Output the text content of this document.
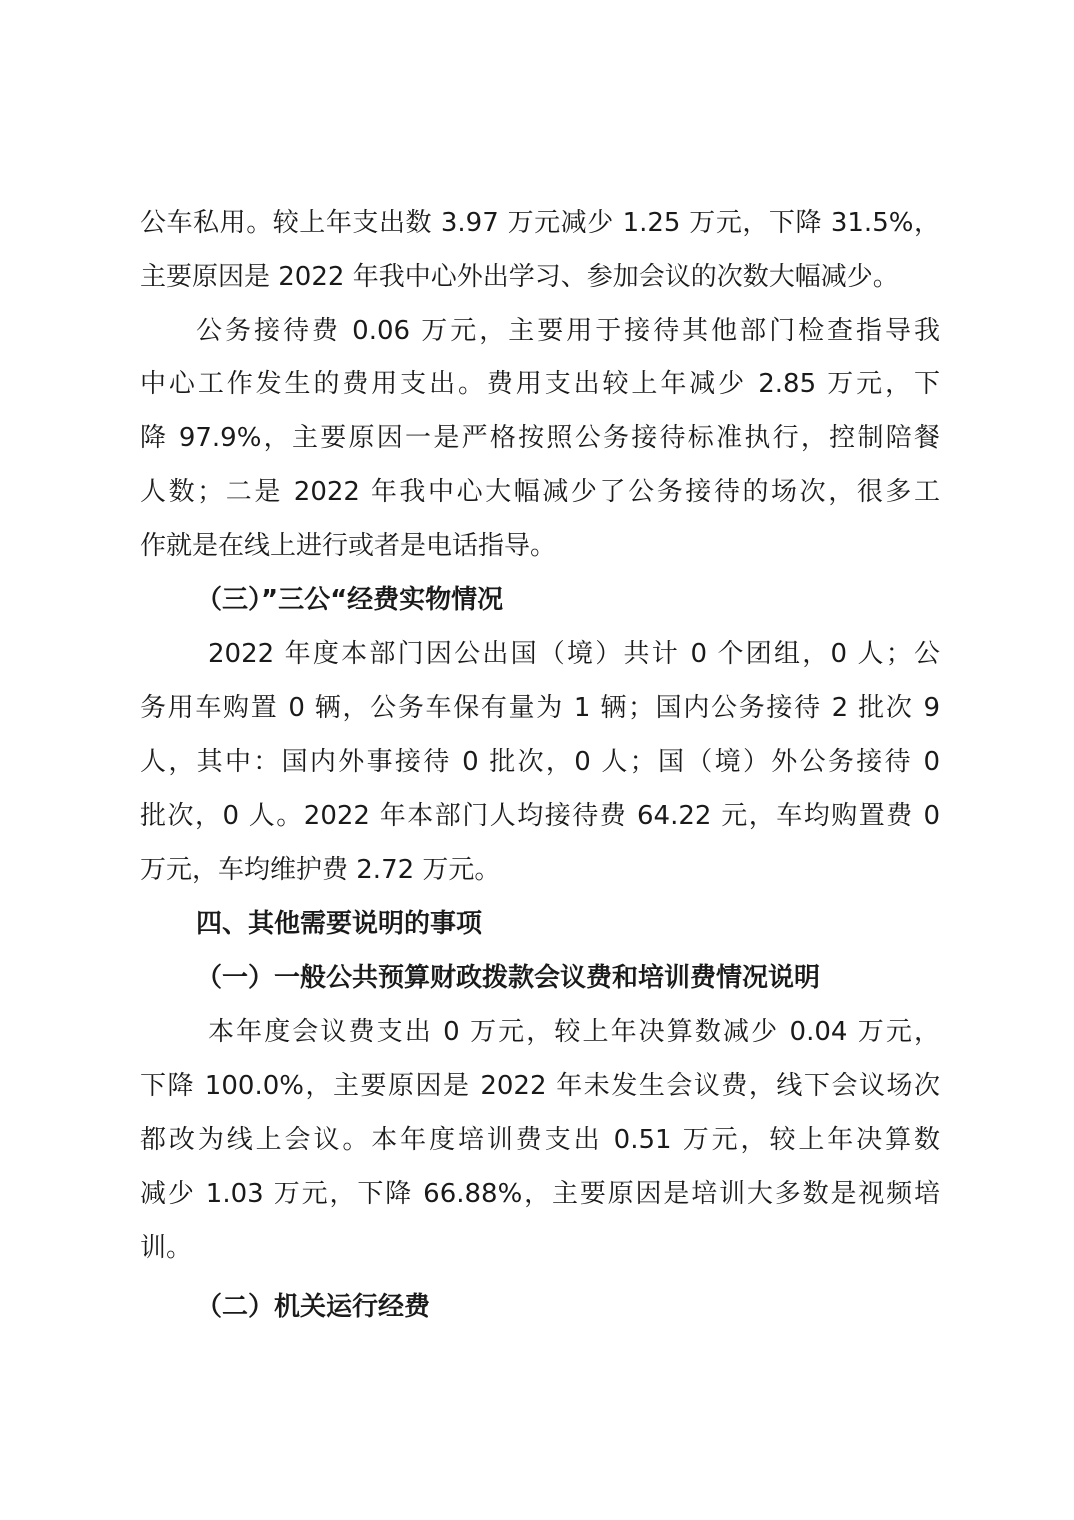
公车私用。较上年支出数 3.97 万元减少 1.25 万元，下降 31.5%，
主要原因是 2022 年我中心外出学习、参加会议的次数大幅减少。
公务接待费 0.06 万元，主要用于接待其他部门检查指导我
中心工作发生的费用支出。费用支出较上年减少 2.85 万元，下
降 97.9%，主要原因一是严格按照公务接待标准执行，控制陪餐
人数；二是 2022 年我中心大幅减少了公务接待的场次，很多工
作就是在线上进行或者是电话指导。
（三）”三公“经费实物情况
2022 年度本部门因公出国（境）共计 0 个团组，0 人；公
务用车购置 0 辆，公务车保有量为 1 辆；国内公务接待 2 批次 9
人，其中：国内外事接待 0 批次，0 人；国（境）外公务接待 0
批次，0 人。2022 年本部门人均接待费 64.22 元，车均购置费 0
万元，车均维护费 2.72 万元。
四、其他需要说明的事项
（一）一般公共预算财政拨款会议费和培训费情况说明
本年度会议费支出 0 万元，较上年决算数减少 0.04 万元，
下降 100.0%，主要原因是 2022 年未发生会议费，线下会议场次
都改为线上会议。本年度培训费支出 0.51 万元，较上年决算数
减少 1.03 万元，下降 66.88%，主要原因是培训大多数是视频培
训。
（二）机关运行经费
